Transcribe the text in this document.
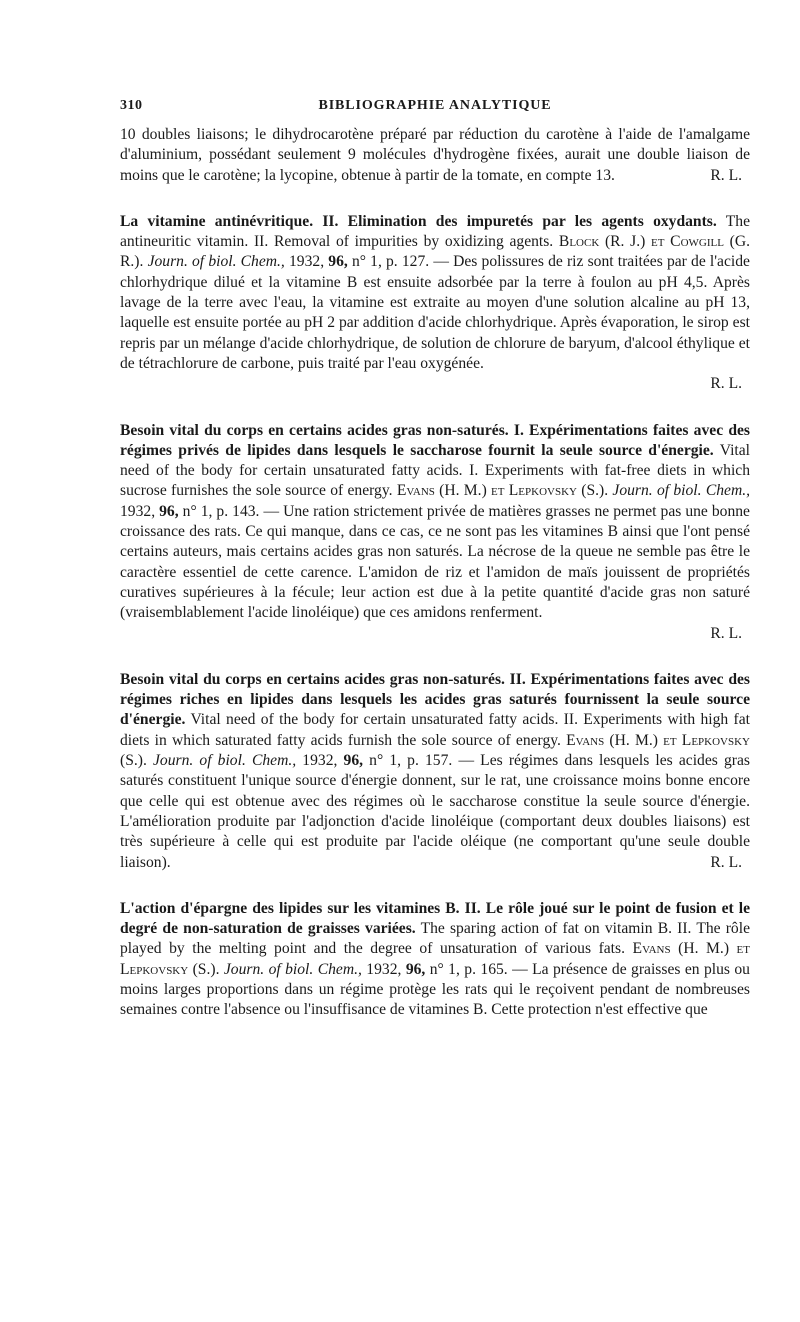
310	BIBLIOGRAPHIE ANALYTIQUE

10 doubles liaisons; le dihydrocarotène préparé par réduction du carotène à l'aide de l'amalgame d'aluminium, possédant seulement 9 molécules d'hydrogène fixées, aurait une double liaison de moins que le carotène; la lycopine, obtenue à partir de la tomate, en compte 13.	R. L.

La vitamine antinévritique. II. Elimination des impuretés par les agents oxydants. The antineuritic vitamin. II. Removal of impurities by oxidizing agents. Block (R. J.) et Cowgill (G. R.). Journ. of biol. Chem., 1932, 96, n° 1, p. 127. — Des polissures de riz sont traitées par de l'acide chlorhydrique dilué et la vitamine B est ensuite adsorbée par la terre à foulon au pH 4,5. Après lavage de la terre avec l'eau, la vitamine est extraite au moyen d'une solution alcaline au pH 13, laquelle est ensuite portée au pH 2 par addition d'acide chlorhydrique. Après évaporation, le sirop est repris par un mélange d'acide chlorhydrique, de solution de chlorure de baryum, d'alcool éthylique et de tétrachlorure de carbone, puis traité par l'eau oxygénée.

R. L.

Besoin vital du corps en certains acides gras non-saturés. I. Expérimentations faites avec des régimes privés de lipides dans lesquels le saccharose fournit la seule source d'énergie. Vital need of the body for certain unsaturated fatty acids. I. Experiments with fat-free diets in which sucrose furnishes the sole source of energy. Evans (H. M.) et Lepkovsky (S.). Journ. of biol. Chem., 1932, 96, n° 1, p. 143. — Une ration strictement privée de matières grasses ne permet pas une bonne croissance des rats. Ce qui manque, dans ce cas, ce ne sont pas les vitamines B ainsi que l'ont pensé certains auteurs, mais certains acides gras non saturés. La nécrose de la queue ne semble pas être le caractère essentiel de cette carence. L'amidon de riz et l'amidon de maïs jouissent de propriétés curatives supérieures à la fécule; leur action est due à la petite quantité d'acide gras non saturé (vraisemblablement l'acide linoléique) que ces amidons renferment.

R. L.

Besoin vital du corps en certains acides gras non-saturés. II. Expérimentations faites avec des régimes riches en lipides dans lesquels les acides gras saturés fournissent la seule source d'énergie. Vital need of the body for certain unsaturated fatty acids. II. Experiments with high fat diets in which saturated fatty acids furnish the sole source of energy. Evans (H. M.) et Lepkovsky (S.). Journ. of biol. Chem., 1932, 96, n° 1, p. 157. — Les régimes dans lesquels les acides gras saturés constituent l'unique source d'énergie donnent, sur le rat, une croissance moins bonne encore que celle qui est obtenue avec des régimes où le saccharose constitue la seule source d'énergie. L'amélioration produite par l'adjonction d'acide linoléique (comportant deux doubles liaisons) est très supérieure à celle qui est produite par l'acide oléique (ne comportant qu'une seule double liaison).	R. L.

L'action d'épargne des lipides sur les vitamines B. II. Le rôle joué sur le point de fusion et le degré de non-saturation de graisses variées. The sparing action of fat on vitamin B. II. The rôle played by the melting point and the degree of unsaturation of various fats. Evans (H. M.) et Lepkovsky (S.). Journ. of biol. Chem., 1932, 96, n° 1, p. 165. — La présence de graisses en plus ou moins larges proportions dans un régime protège les rats qui le reçoivent pendant de nombreuses semaines contre l'absence ou l'insuffisance de vitamines B. Cette protection n'est effective que
